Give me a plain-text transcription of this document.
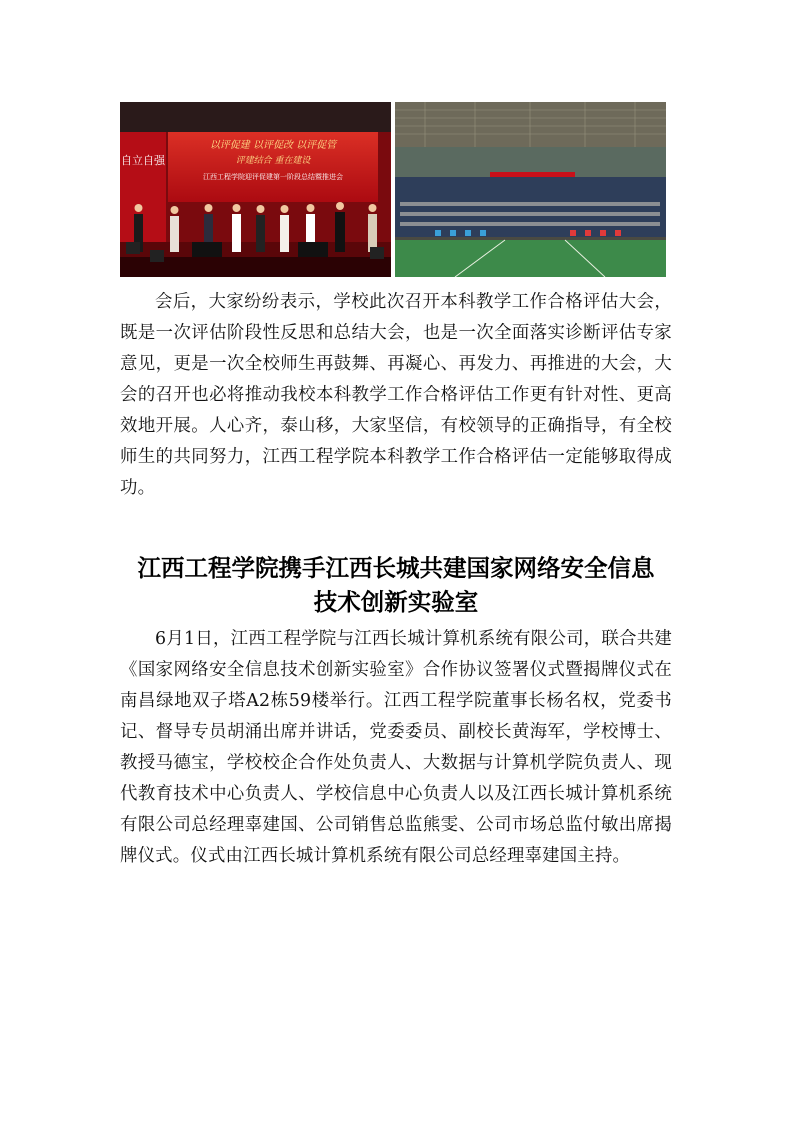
以评促建 以评促改 以评促管
评建结合 重在建设
江西工程学院迎评促建第一阶段总结暨推进会
自立自强

会后，大家纷纷表示，学校此次召开本科教学工作合格评估大会，既是一次评估阶段性反思和总结大会，也是一次全面落实诊断评估专家意见，更是一次全校师生再鼓舞、再凝心、再发力、再推进的大会，大会的召开也必将推动我校本科教学工作合格评估工作更有针对性、更高效地开展。人心齐，泰山移，大家坚信，有校领导的正确指导，有全校师生的共同努力，江西工程学院本科教学工作合格评估一定能够取得成功。

江西工程学院携手江西长城共建国家网络安全信息
技术创新实验室

6月1日，江西工程学院与江西长城计算机系统有限公司，联合共建《国家网络安全信息技术创新实验室》合作协议签署仪式暨揭牌仪式在南昌绿地双子塔A2栋59楼举行。江西工程学院董事长杨名权，党委书记、督导专员胡涌出席并讲话，党委委员、副校长黄海军，学校博士、教授马德宝，学校校企合作处负责人、大数据与计算机学院负责人、现代教育技术中心负责人、学校信息中心负责人以及江西长城计算机系统有限公司总经理辜建国、公司销售总监熊雯、公司市场总监付敏出席揭牌仪式。仪式由江西长城计算机系统有限公司总经理辜建国主持。
